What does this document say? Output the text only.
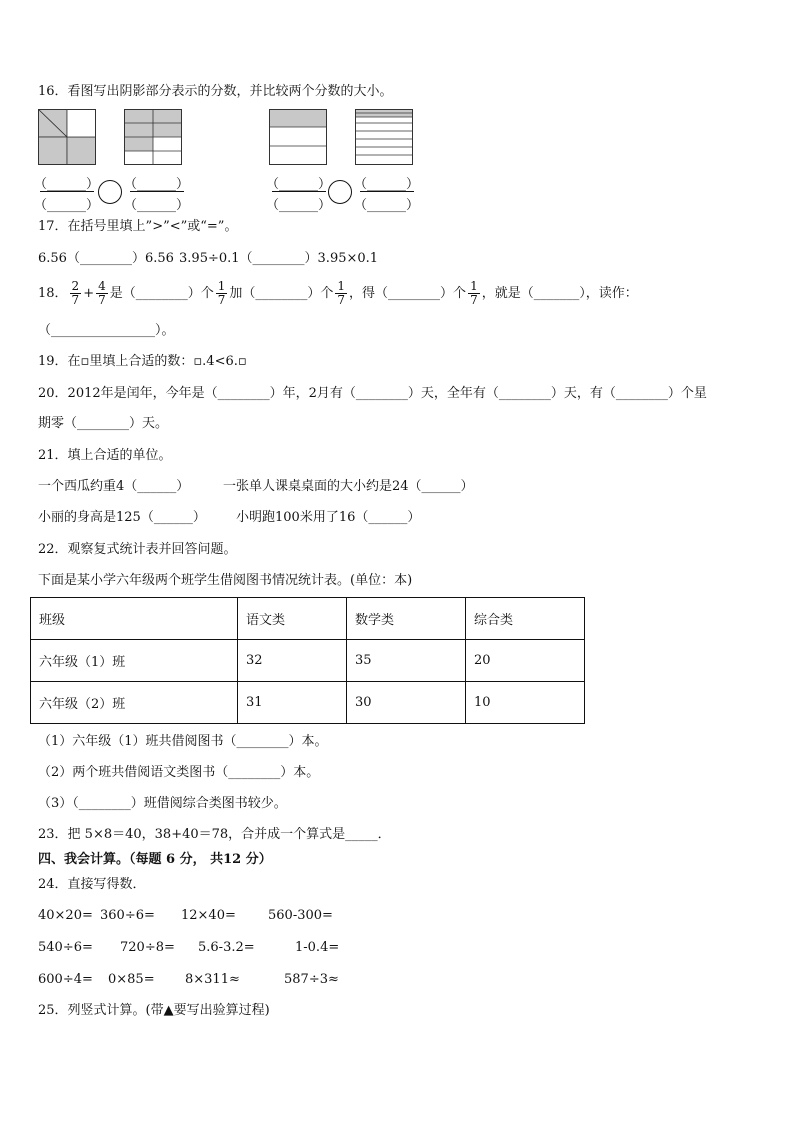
16．看图写出阴影部分表示的分数，并比较两个分数的大小。
（______）
（______）
（______）
（______）
（______）
（______）
（______）
（______）
17．在括号里填上”>”<”或“=”。
6.56（________）6.56 3.95÷0.1（________）3.95×0.1
18． $\frac{2}{7} + \frac{4}{7}$ 是（________）个 $\frac{1}{7}$ 加（________）个 $\frac{1}{7}$ ，得（________）个 $\frac{1}{7}$ ，就是（_______），读作：
（________________）。
19．在▫里填上合适的数：▫.4<6.▫
20．2012年是闰年，今年是（________）年，2月有（________）天，全年有（________）天，有（________）个星
期零（________）天。
21．填上合适的单位。
一个西瓜约重4（______）	一张单人课桌桌面的大小约是24（______）
小丽的身高是125（______） 小明跑100米用了16（______）
22．观察复式统计表并回答问题。
下面是某小学六年级两个班学生借阅图书情况统计表。(单位：本)
班级	语文类	数学类	综合类
六年级（1）班	32	35	20
六年级（2）班	31	30	10
（1）六年级（1）班共借阅图书（________）本。
（2）两个班共借阅语文类图书（________）本。
（3）（________）班借阅综合类图书较少。
23．把 5×8＝40，38+40＝78，合并成一个算式是_____．
四、我会计算。（每题 6 分， 共12 分）
24．直接写得数．
40×20= 360÷6= 12×40= 560-300=
540÷6= 720÷8= 5.6-3.2=	1-0.4=
600÷4= 0×85= 8×311≈	587÷3≈
25．列竖式计算。(带▲要写出验算过程)
